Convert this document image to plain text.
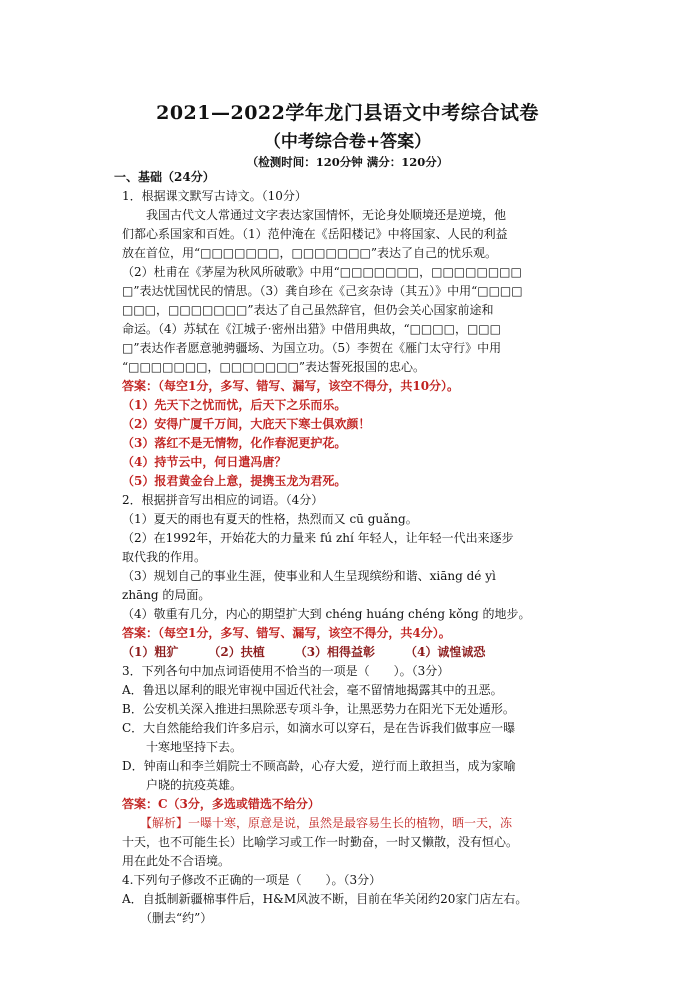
2021—2022学年龙门县语文中考综合试卷
（中考综合卷+答案）
（检测时间：120分钟 满分：120分）
一、基础（24分）
1．根据课文默写古诗文。（10分）
　　我国古代文人常通过文字表达家国情怀，无论身处顺境还是逆境，他
们都心系国家和百姓。（1）范仲淹在《岳阳楼记》中将国家、人民的利益
放在首位，用“□□□□□□□，□□□□□□□”表达了自己的忧乐观。
（2）杜甫在《茅屋为秋风所破歌》中用“□□□□□□□，□□□□□□□□
□”表达忧国忧民的情思。（3）龚自珍在《己亥杂诗（其五）》中用“□□□□
□□□，□□□□□□□”表达了自己虽然辞官，但仍会关心国家前途和
命运。（4）苏轼在《江城子·密州出猎》中借用典故，“□□□□，□□□
□”表达作者愿意驰骋疆场、为国立功。（5）李贺在《雁门太守行》中用
“□□□□□□□，□□□□□□□”表达誓死报国的忠心。
答案：（每空1分，多写、错写、漏写，该空不得分，共10分）。
（1）先天下之忧而忧，后天下之乐而乐。
（2）安得广厦千万间，大庇天下寒士俱欢颜！
（3）落红不是无情物，化作春泥更护花。
（4）持节云中，何日遣冯唐？
（5）报君黄金台上意，提携玉龙为君死。
2．根据拼音写出相应的词语。（4分）
（1）夏天的雨也有夏天的性格，热烈而又 cū guǎng。
（2）在1992年，开始花大的力量来 fú zhí 年轻人，让年轻一代出来逐步
取代我的作用。
（3）规划自己的事业生涯，使事业和人生呈现缤纷和谐、xiāng dé yì
zhāng 的局面。
（4）敬重有几分，内心的期望扩大到 chéng huáng chéng kǒng 的地步。
答案：（每空1分，多写、错写、漏写，该空不得分，共4分）。
（1）粗犷　　　（2）扶植　　　（3）相得益彰　　　（4）诚惶诚恐
3．下列各句中加点词语使用不恰当的一项是（　　）。（3分）
A．鲁迅以犀利的眼光审视中国近代社会，毫不留情地揭露其中的丑恶。
B．公安机关深入推进扫黑除恶专项斗争，让黑恶势力在阳光下无处遁形。
C．大自然能给我们许多启示，如滴水可以穿石，是在告诉我们做事应一曝
　　十寒地坚持下去。
D．钟南山和李兰娟院士不顾高龄，心存大爱，逆行而上敢担当，成为家喻
　　户晓的抗疫英雄。
答案：C（3分，多选或错选不给分）
　　【解析】一曝十寒，原意是说，虽然是最容易生长的植物，晒一天，冻
十天，也不可能生长）比喻学习或工作一时勤奋，一时又懒散，没有恒心。
用在此处不合语境。
4.下列句子修改不正确的一项是（　　）。（3分）
A．自抵制新疆棉事件后，H&M风波不断，目前在华关闭约20家门店左右。
　　（删去“约”）
